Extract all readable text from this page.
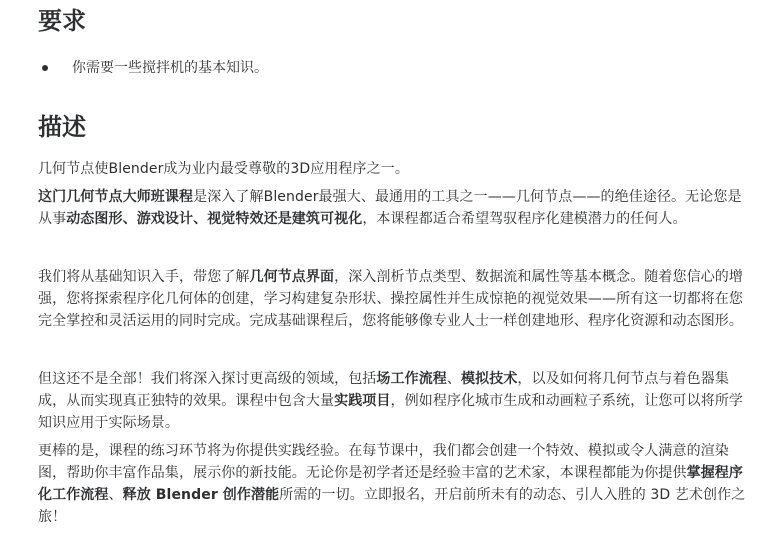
要求
你需要一些搅拌机的基本知识。
描述

几何节点使Blender成为业内最受尊敬的3D应用程序之一。

这门几何节点大师班课程是深入了解Blender最强大、最通用的工具之一——几何节点——的绝佳途径。无论您是从事动态图形、游戏设计、视觉特效还是建筑可视化，本课程都适合希望驾驭程序化建模潜力的任何人。

我们将从基础知识入手，带您了解几何节点界面，深入剖析节点类型、数据流和属性等基本概念。随着您信心的增强，您将探索程序化几何体的创建，学习构建复杂形状、操控属性并生成惊艳的视觉效果——所有这一切都将在您完全掌控和灵活运用的同时完成。完成基础课程后，您将能够像专业人士一样创建地形、程序化资源和动态图形。

但这还不是全部！我们将深入探讨更高级的领域，包括场工作流程、模拟技术，以及如何将几何节点与着色器集成，从而实现真正独特的效果。课程中包含大量实践项目，例如程序化城市生成和动画粒子系统，让您可以将所学知识应用于实际场景。

更棒的是，课程的练习环节将为你提供实践经验。在每节课中，我们都会创建一个特效、模拟或令人满意的渲染图，帮助你丰富作品集，展示你的新技能。无论你是初学者还是经验丰富的艺术家，本课程都能为你提供掌握程序化工作流程、释放 Blender 创作潜能所需的一切。立即报名，开启前所未有的动态、引人入胜的 3D 艺术创作之旅！
